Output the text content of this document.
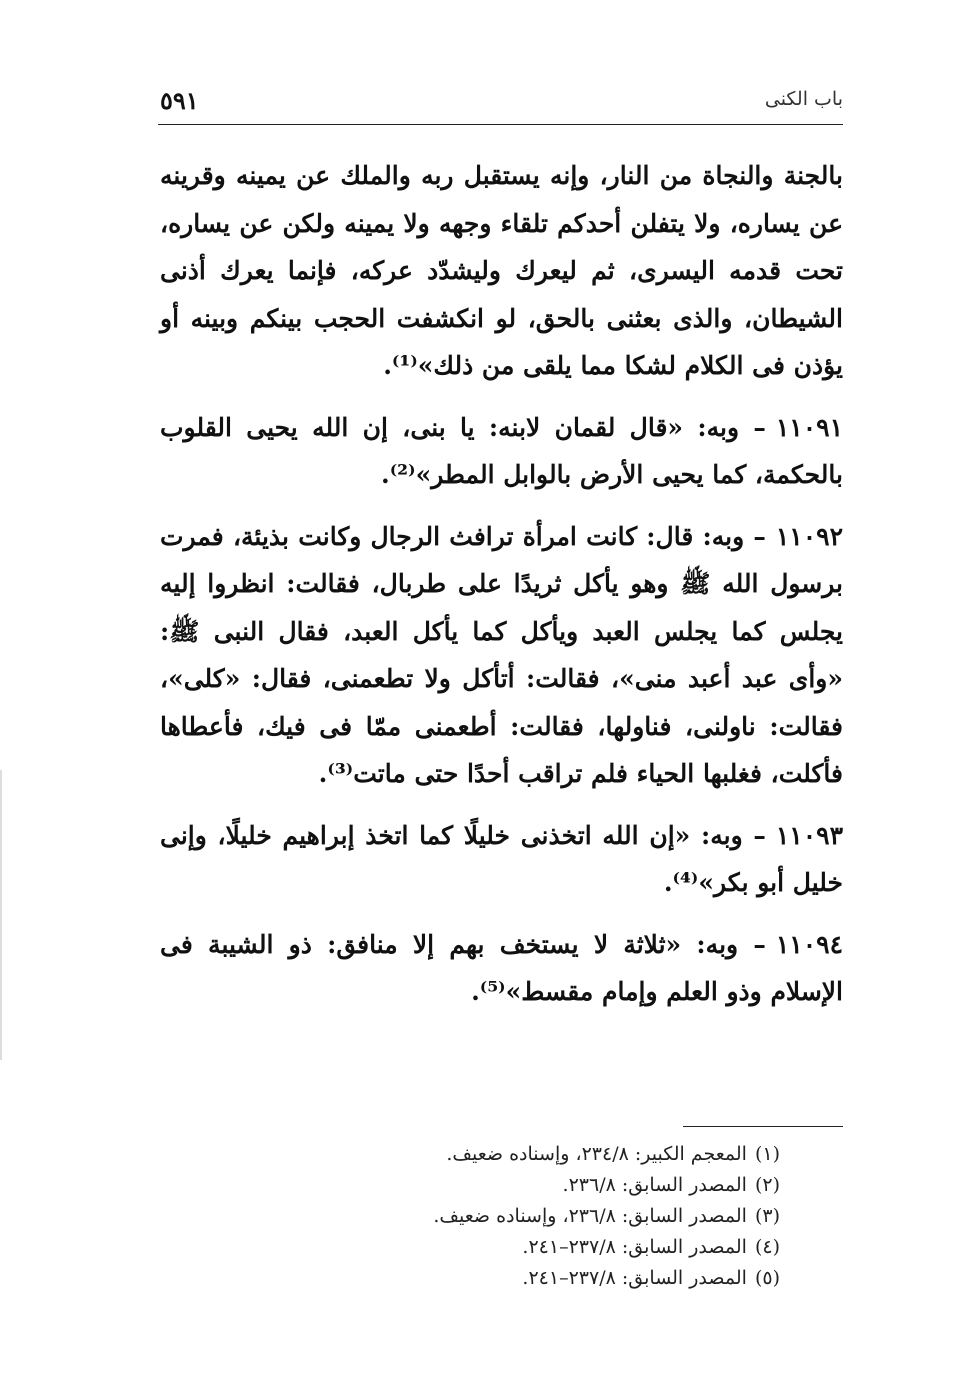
باب الكنى
٥٩١

بالجنة والنجاة من النار، وإنه يستقبل ربه والملك عن يمينه وقرينه عن يساره، ولا يتفلن أحدكم تلقاء وجهه ولا يمينه ولكن عن يساره، تحت قدمه اليسرى، ثم ليعرك وليشدّد عركه، فإنما يعرك أذنى الشيطان، والذى بعثنى بالحق، لو انكشفت الحجب بينكم وبينه أو يؤذن فى الكلام لشكا مما يلقى من ذلك»⁽¹⁾.

١١٠٩١– وبه: «قال لقمان لابنه: يا بنى، إن الله يحيى القلوب بالحكمة، كما يحيى الأرض بالوابل المطر»⁽²⁾.

١١٠٩٢– وبه: قال: كانت امرأة ترافث الرجال وكانت بذيئة، فمرت برسول الله ﷺ وهو يأكل ثريدًا على طربال، فقالت: انظروا إليه يجلس كما يجلس العبد ويأكل كما يأكل العبد، فقال النبى ﷺ: «وأى عبد أعبد منى»، فقالت: أتأكل ولا تطعمنى، فقال: «كلى»، فقالت: ناولنى، فناولها، فقالت: أطعمنى ممّا فى فيك، فأعطاها فأكلت، فغلبها الحياء فلم تراقب أحدًا حتى ماتت⁽³⁾.

١١٠٩٣– وبه: «إن الله اتخذنى خليلًا كما اتخذ إبراهيم خليلًا، وإنى خليل أبو بكر»⁽⁴⁾.

١١٠٩٤– وبه: «ثلاثة لا يستخف بهم إلا منافق: ذو الشيبة فى الإسلام وذو العلم وإمام مقسط»⁽⁵⁾.

(١)المعجم الكبير: ٢٣٤/٨، وإسناده ضعيف.
(٢)المصدر السابق: ٢٣٦/٨.
(٣)المصدر السابق: ٢٣٦/٨، وإسناده ضعيف.
(٤)المصدر السابق: ٢٣٧/٨–٢٤١.
(٥)المصدر السابق: ٢٣٧/٨–٢٤١.
